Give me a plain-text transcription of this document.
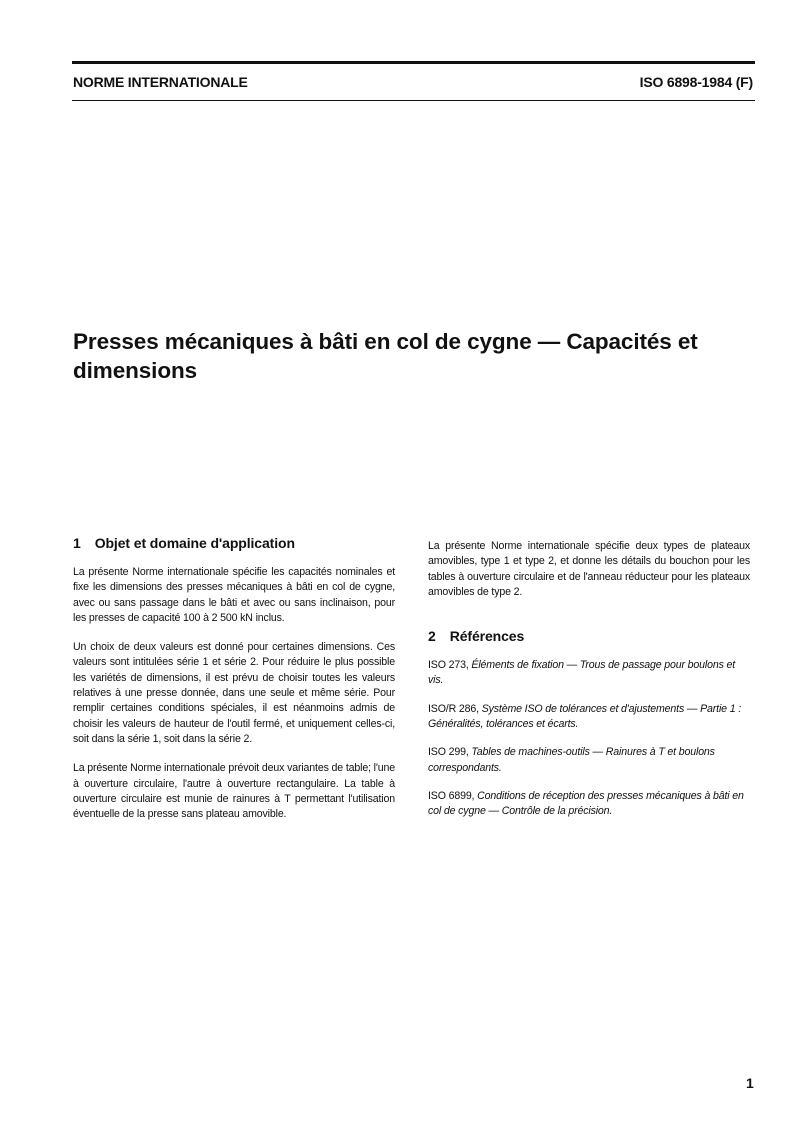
NORME INTERNATIONALE	ISO 6898-1984 (F)
Presses mécaniques à bâti en col de cygne — Capacités et dimensions
1 Objet et domaine d'application

La présente Norme internationale spécifie les capacités nominales et fixe les dimensions des presses mécaniques à bâti en col de cygne, avec ou sans passage dans le bâti et avec ou sans inclinaison, pour les presses de capacité 100 à 2 500 kN inclus.

Un choix de deux valeurs est donné pour certaines dimensions. Ces valeurs sont intitulées série 1 et série 2. Pour réduire le plus possible les variétés de dimensions, il est prévu de choisir toutes les valeurs relatives à une presse donnée, dans une seule et même série. Pour remplir certaines conditions spéciales, il est néanmoins admis de choisir les valeurs de hauteur de l'outil fermé, et uniquement celles-ci, soit dans la série 1, soit dans la série 2.

La présente Norme internationale prévoit deux variantes de table; l'une à ouverture circulaire, l'autre à ouverture rectangulaire. La table à ouverture circulaire est munie de rainures à T permettant l'utilisation éventuelle de la presse sans plateau amovible.

La présente Norme internationale spécifie deux types de plateaux amovibles, type 1 et type 2, et donne les détails du bouchon pour les tables à ouverture circulaire et de l'anneau réducteur pour les plateaux amovibles de type 2.

2 Références

ISO 273, Éléments de fixation — Trous de passage pour boulons et vis.

ISO/R 286, Système ISO de tolérances et d'ajustements — Partie 1 : Généralités, tolérances et écarts.

ISO 299, Tables de machines-outils — Rainures à T et boulons correspondants.

ISO 6899, Conditions de réception des presses mécaniques à bâti en col de cygne — Contrôle de la précision.

1
